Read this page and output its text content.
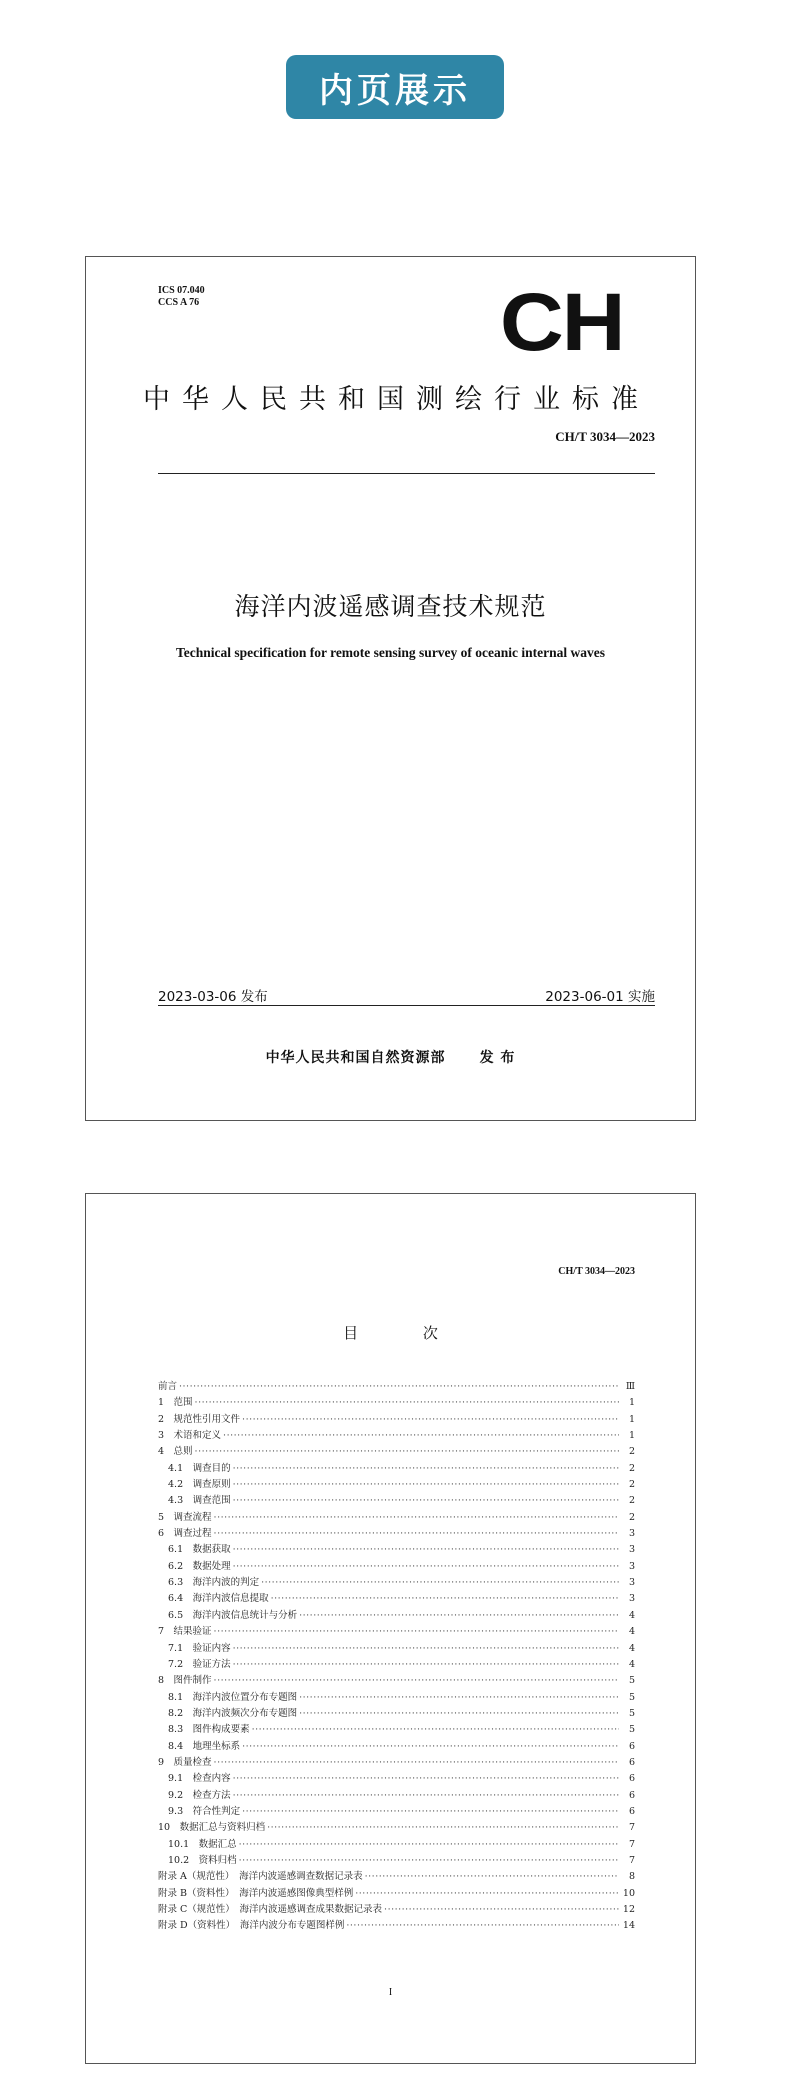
内页展示
ICS 07.040
CCS A 76	CH
中华人民共和国测绘行业标准
CH/T 3034—2023
海洋内波遥感调查技术规范
Technical specification for remote sensing survey of oceanic internal waves
2023-03-06 发布	2023-06-01 实施
中华人民共和国自然资源部 发 布
CH/T 3034—2023
目 次
前言 ·····	Ⅲ
1　范围 ·····	1
2　规范性引用文件 ·····	1
3　术语和定义 ·····	1
4　总则 ·····	2
4.1　调查目的 ·····	2
4.2　调查原则 ·····	2
4.3　调查范围 ·····	2
5　调查流程 ·····	2
6　调查过程 ·····	3
6.1　数据获取 ·····	3
6.2　数据处理 ·····	3
6.3　海洋内波的判定 ·····	3
6.4　海洋内波信息提取 ·····	3
6.5　海洋内波信息统计与分析 ·····	4
7　结果验证 ·····	4
7.1　验证内容 ·····	4
7.2　验证方法 ·····	4
8　图件制作 ·····	5
8.1　海洋内波位置分布专题图 ·····	5
8.2　海洋内波频次分布专题图 ·····	5
8.3　图件构成要素 ·····	5
8.4　地理坐标系 ·····	6
9　质量检查 ·····	6
9.1　检查内容 ·····	6
9.2　检查方法 ·····	6
9.3　符合性判定 ·····	6
10　数据汇总与资料归档 ·····	7
10.1　数据汇总 ·····	7
10.2　资料归档 ·····	7
附录 A（规范性）　海洋内波遥感调查数据记录表 ·····	8
附录 B（资料性）　海洋内波遥感图像典型样例 ·····	10
附录 C（规范性）　海洋内波遥感调查成果数据记录表 ·····	12
附录 D（资料性）　海洋内波分布专题图样例 ·····	14
I
